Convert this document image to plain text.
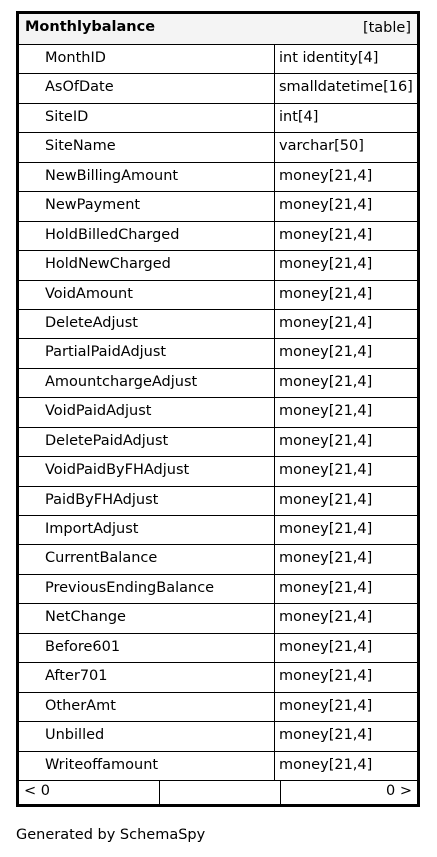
Monthlybalance	[table]
MonthID	int identity[4]
AsOfDate	smalldatetime[16]
SiteID	int[4]
SiteName	varchar[50]
NewBillingAmount	money[21,4]
NewPayment	money[21,4]
HoldBilledCharged	money[21,4]
HoldNewCharged	money[21,4]
VoidAmount	money[21,4]
DeleteAdjust	money[21,4]
PartialPaidAdjust	money[21,4]
AmountchargeAdjust	money[21,4]
VoidPaidAdjust	money[21,4]
DeletePaidAdjust	money[21,4]
VoidPaidByFHAdjust	money[21,4]
PaidByFHAdjust	money[21,4]
ImportAdjust	money[21,4]
CurrentBalance	money[21,4]
PreviousEndingBalance	money[21,4]
NetChange	money[21,4]
Before601	money[21,4]
After701	money[21,4]
OtherAmt	money[21,4]
Unbilled	money[21,4]
Writeoffamount	money[21,4]
< 0	0 >
Generated by SchemaSpy
